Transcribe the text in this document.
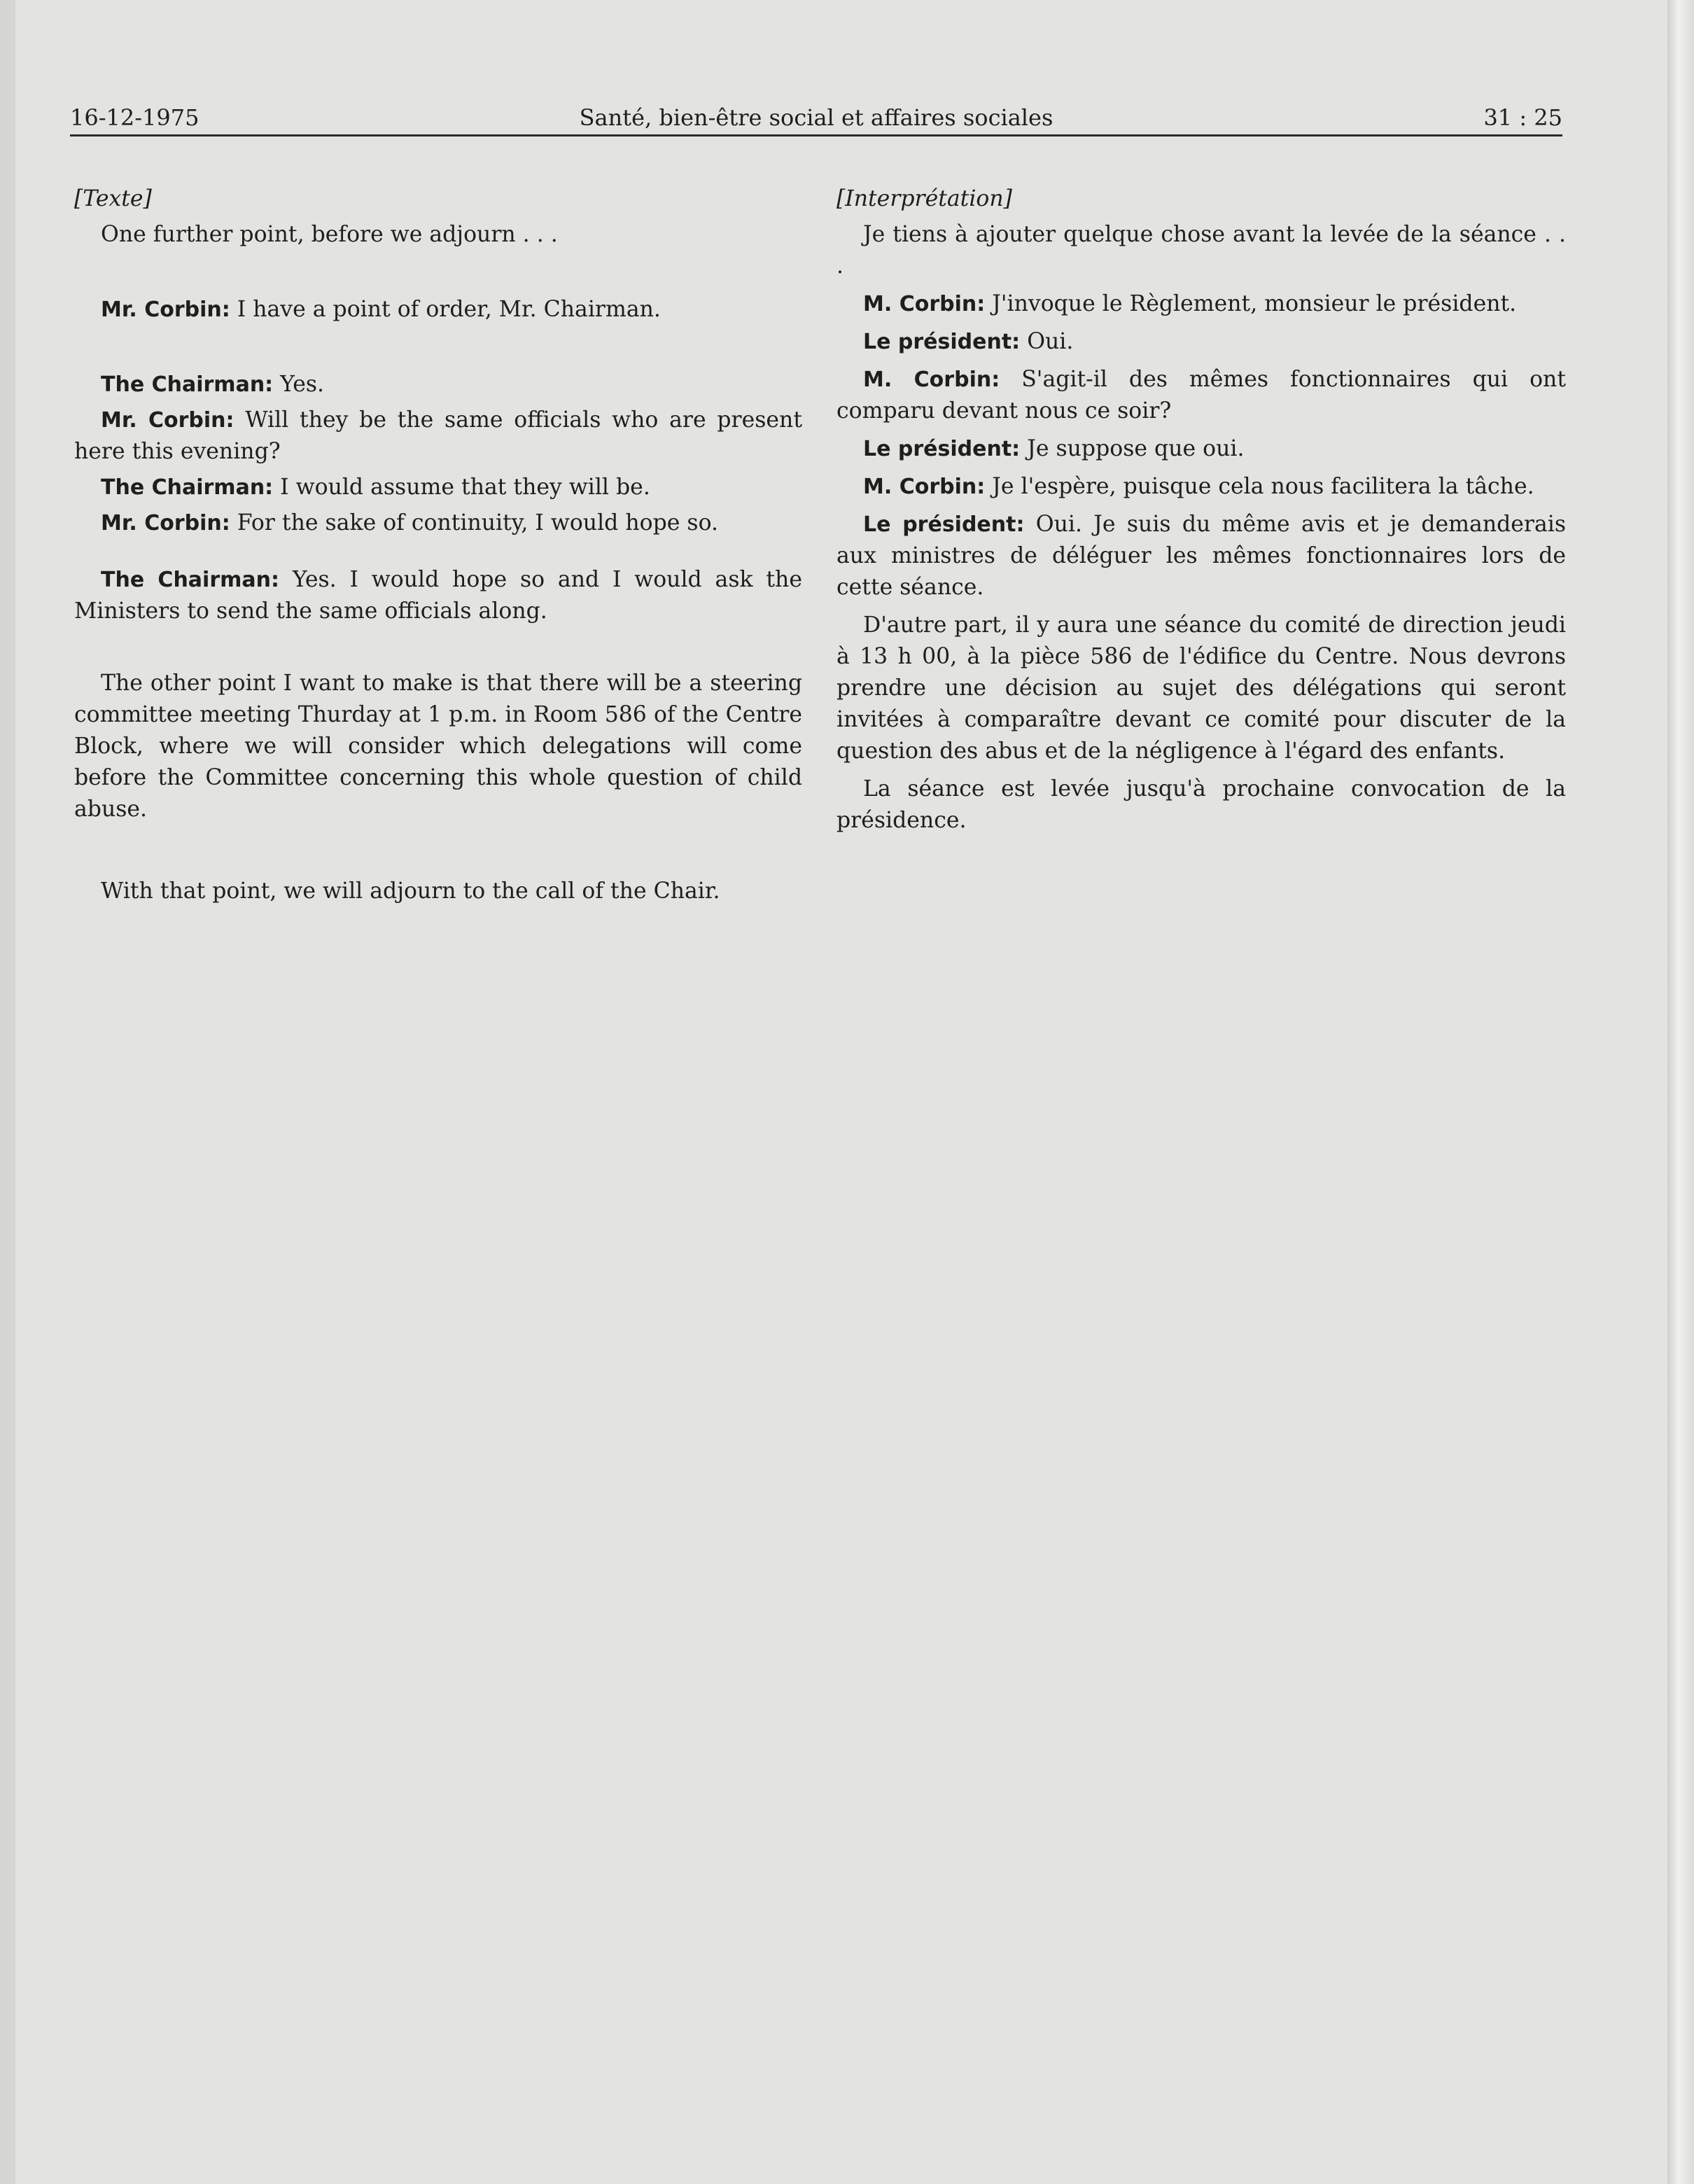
16-12-1975	Santé, bien-être social et affaires sociales	31 : 25

[Texte]

One further point, before we adjourn . . .

Mr. Corbin: I have a point of order, Mr. Chairman.

The Chairman: Yes.

Mr. Corbin: Will they be the same officials who are present here this evening?

The Chairman: I would assume that they will be.

Mr. Corbin: For the sake of continuity, I would hope so.

The Chairman: Yes. I would hope so and I would ask the Ministers to send the same officials along.

The other point I want to make is that there will be a steering committee meeting Thurday at 1 p.m. in Room 586 of the Centre Block, where we will consider which delegations will come before the Committee concerning this whole question of child abuse.

With that point, we will adjourn to the call of the Chair.

[Interprétation]

Je tiens à ajouter quelque chose avant la levée de la séance . . .

M. Corbin: J'invoque le Règlement, monsieur le président.

Le président: Oui.

M. Corbin: S'agit-il des mêmes fonctionnaires qui ont comparu devant nous ce soir?

Le président: Je suppose que oui.

M. Corbin: Je l'espère, puisque cela nous facilitera la tâche.

Le président: Oui. Je suis du même avis et je demanderais aux ministres de déléguer les mêmes fonctionnaires lors de cette séance.

D'autre part, il y aura une séance du comité de direction jeudi à 13 h 00, à la pièce 586 de l'édifice du Centre. Nous devrons prendre une décision au sujet des délégations qui seront invitées à comparaître devant ce comité pour discuter de la question des abus et de la négligence à l'égard des enfants.

La séance est levée jusqu'à prochaine convocation de la présidence.
